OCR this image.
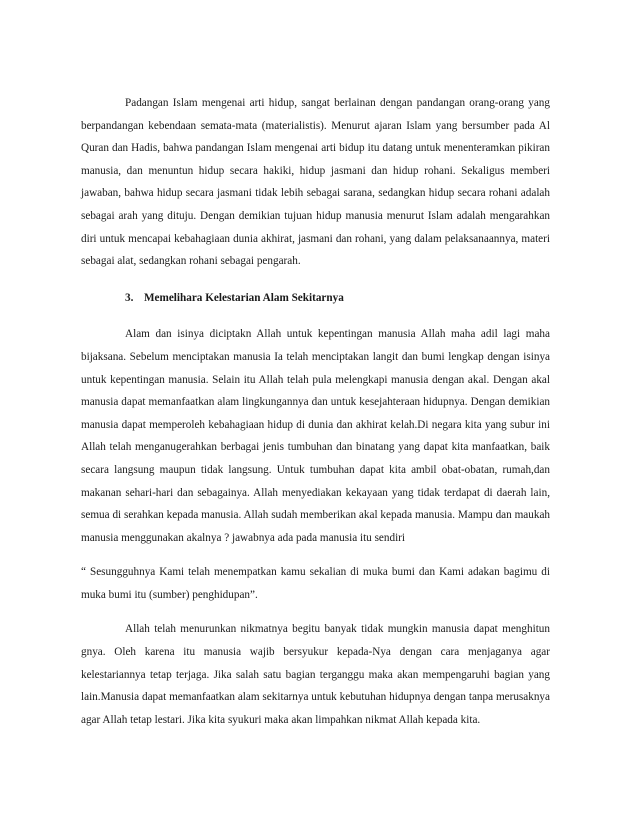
Padangan Islam mengenai arti hidup, sangat berlainan dengan pandangan orang-orang yang berpandangan kebendaan semata-mata (materialistis). Menurut ajaran Islam yang bersumber pada Al Quran dan Hadis, bahwa pandangan Islam mengenai arti bidup itu datang untuk menenteramkan pikiran manusia, dan menuntun hidup secara hakiki, hidup jasmani dan hidup rohani. Sekaligus memberi jawaban, bahwa hidup secara jasmani tidak lebih sebagai sarana, sedangkan hidup secara rohani adalah sebagai arah yang dituju. Dengan demikian tujuan hidup manusia menurut Islam adalah mengarahkan diri untuk mencapai kebahagiaan dunia akhirat, jasmani dan rohani, yang dalam pelaksanaannya, materi sebagai alat, sedangkan rohani sebagai pengarah.

3. Memelihara Kelestarian Alam Sekitarnya

Alam dan isinya diciptakn Allah untuk kepentingan manusia Allah maha adil lagi maha bijaksana. Sebelum menciptakan manusia Ia telah menciptakan langit dan bumi lengkap dengan isinya untuk kepentingan manusia. Selain itu Allah telah pula melengkapi manusia dengan akal. Dengan akal manusia dapat memanfaatkan alam lingkungannya dan untuk kesejahteraan hidupnya. Dengan demikian manusia dapat memperoleh kebahagiaan hidup di dunia dan akhirat kelah.Di negara kita yang subur ini Allah telah menganugerahkan berbagai jenis tumbuhan dan binatang yang dapat kita manfaatkan, baik secara langsung maupun tidak langsung. Untuk tumbuhan dapat kita ambil obat-obatan, rumah,dan makanan sehari-hari dan sebagainya. Allah menyediakan kekayaan yang tidak terdapat di daerah lain, semua di serahkan kepada manusia. Allah sudah memberikan akal kepada manusia. Mampu dan maukah manusia menggunakan akalnya ? jawabnya ada pada manusia itu sendiri

“ Sesungguhnya Kami telah menempatkan kamu sekalian di muka bumi dan Kami adakan bagimu di muka bumi itu (sumber) penghidupan”.

Allah telah menurunkan nikmatnya begitu banyak tidak mungkin manusia dapat menghitun gnya. Oleh karena itu manusia wajib bersyukur kepada-Nya dengan cara menjaganya agar kelestariannya tetap terjaga. Jika salah satu bagian terganggu maka akan mempengaruhi bagian yang lain.Manusia dapat memanfaatkan alam sekitarnya untuk kebutuhan hidupnya dengan tanpa merusaknya agar Allah tetap lestari. Jika kita syukuri maka akan limpahkan nikmat Allah kepada kita.
